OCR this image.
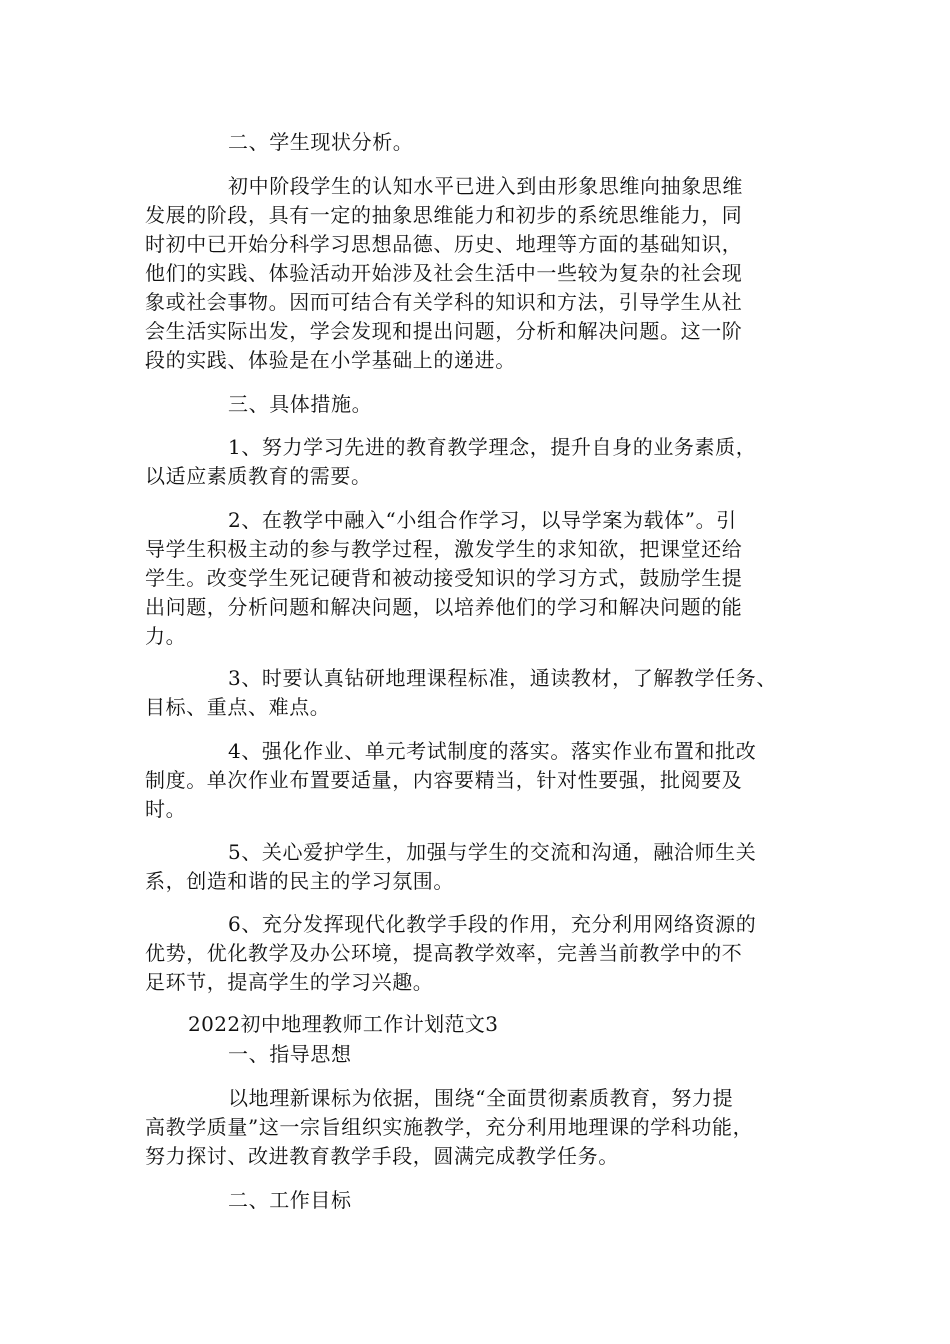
二、学生现状分析。
初中阶段学生的认知水平已进入到由形象思维向抽象思维
发展的阶段，具有一定的抽象思维能力和初步的系统思维能力，同
时初中已开始分科学习思想品德、历史、地理等方面的基础知识，
他们的实践、体验活动开始涉及社会生活中一些较为复杂的社会现
象或社会事物。因而可结合有关学科的知识和方法，引导学生从社
会生活实际出发，学会发现和提出问题，分析和解决问题。这一阶
段的实践、体验是在小学基础上的递进。
三、具体措施。
1、努力学习先进的教育教学理念，提升自身的业务素质，
以适应素质教育的需要。
2、在教学中融入“小组合作学习，以导学案为载体”。引
导学生积极主动的参与教学过程，激发学生的求知欲，把课堂还给
学生。改变学生死记硬背和被动接受知识的学习方式，鼓励学生提
出问题，分析问题和解决问题，以培养他们的学习和解决问题的能
力。
3、时要认真钻研地理课程标准，通读教材，了解教学任务、
目标、重点、难点。
4、强化作业、单元考试制度的落实。落实作业布置和批改
制度。单次作业布置要适量，内容要精当，针对性要强，批阅要及
时。
5、关心爱护学生，加强与学生的交流和沟通，融洽师生关
系，创造和谐的民主的学习氛围。
6、充分发挥现代化教学手段的作用，充分利用网络资源的
优势，优化教学及办公环境，提高教学效率，完善当前教学中的不
足环节，提高学生的学习兴趣。
2022初中地理教师工作计划范文3
一、指导思想
以地理新课标为依据，围绕“全面贯彻素质教育，努力提
高教学质量”这一宗旨组织实施教学，充分利用地理课的学科功能，
努力探讨、改进教育教学手段，圆满完成教学任务。
二、工作目标
